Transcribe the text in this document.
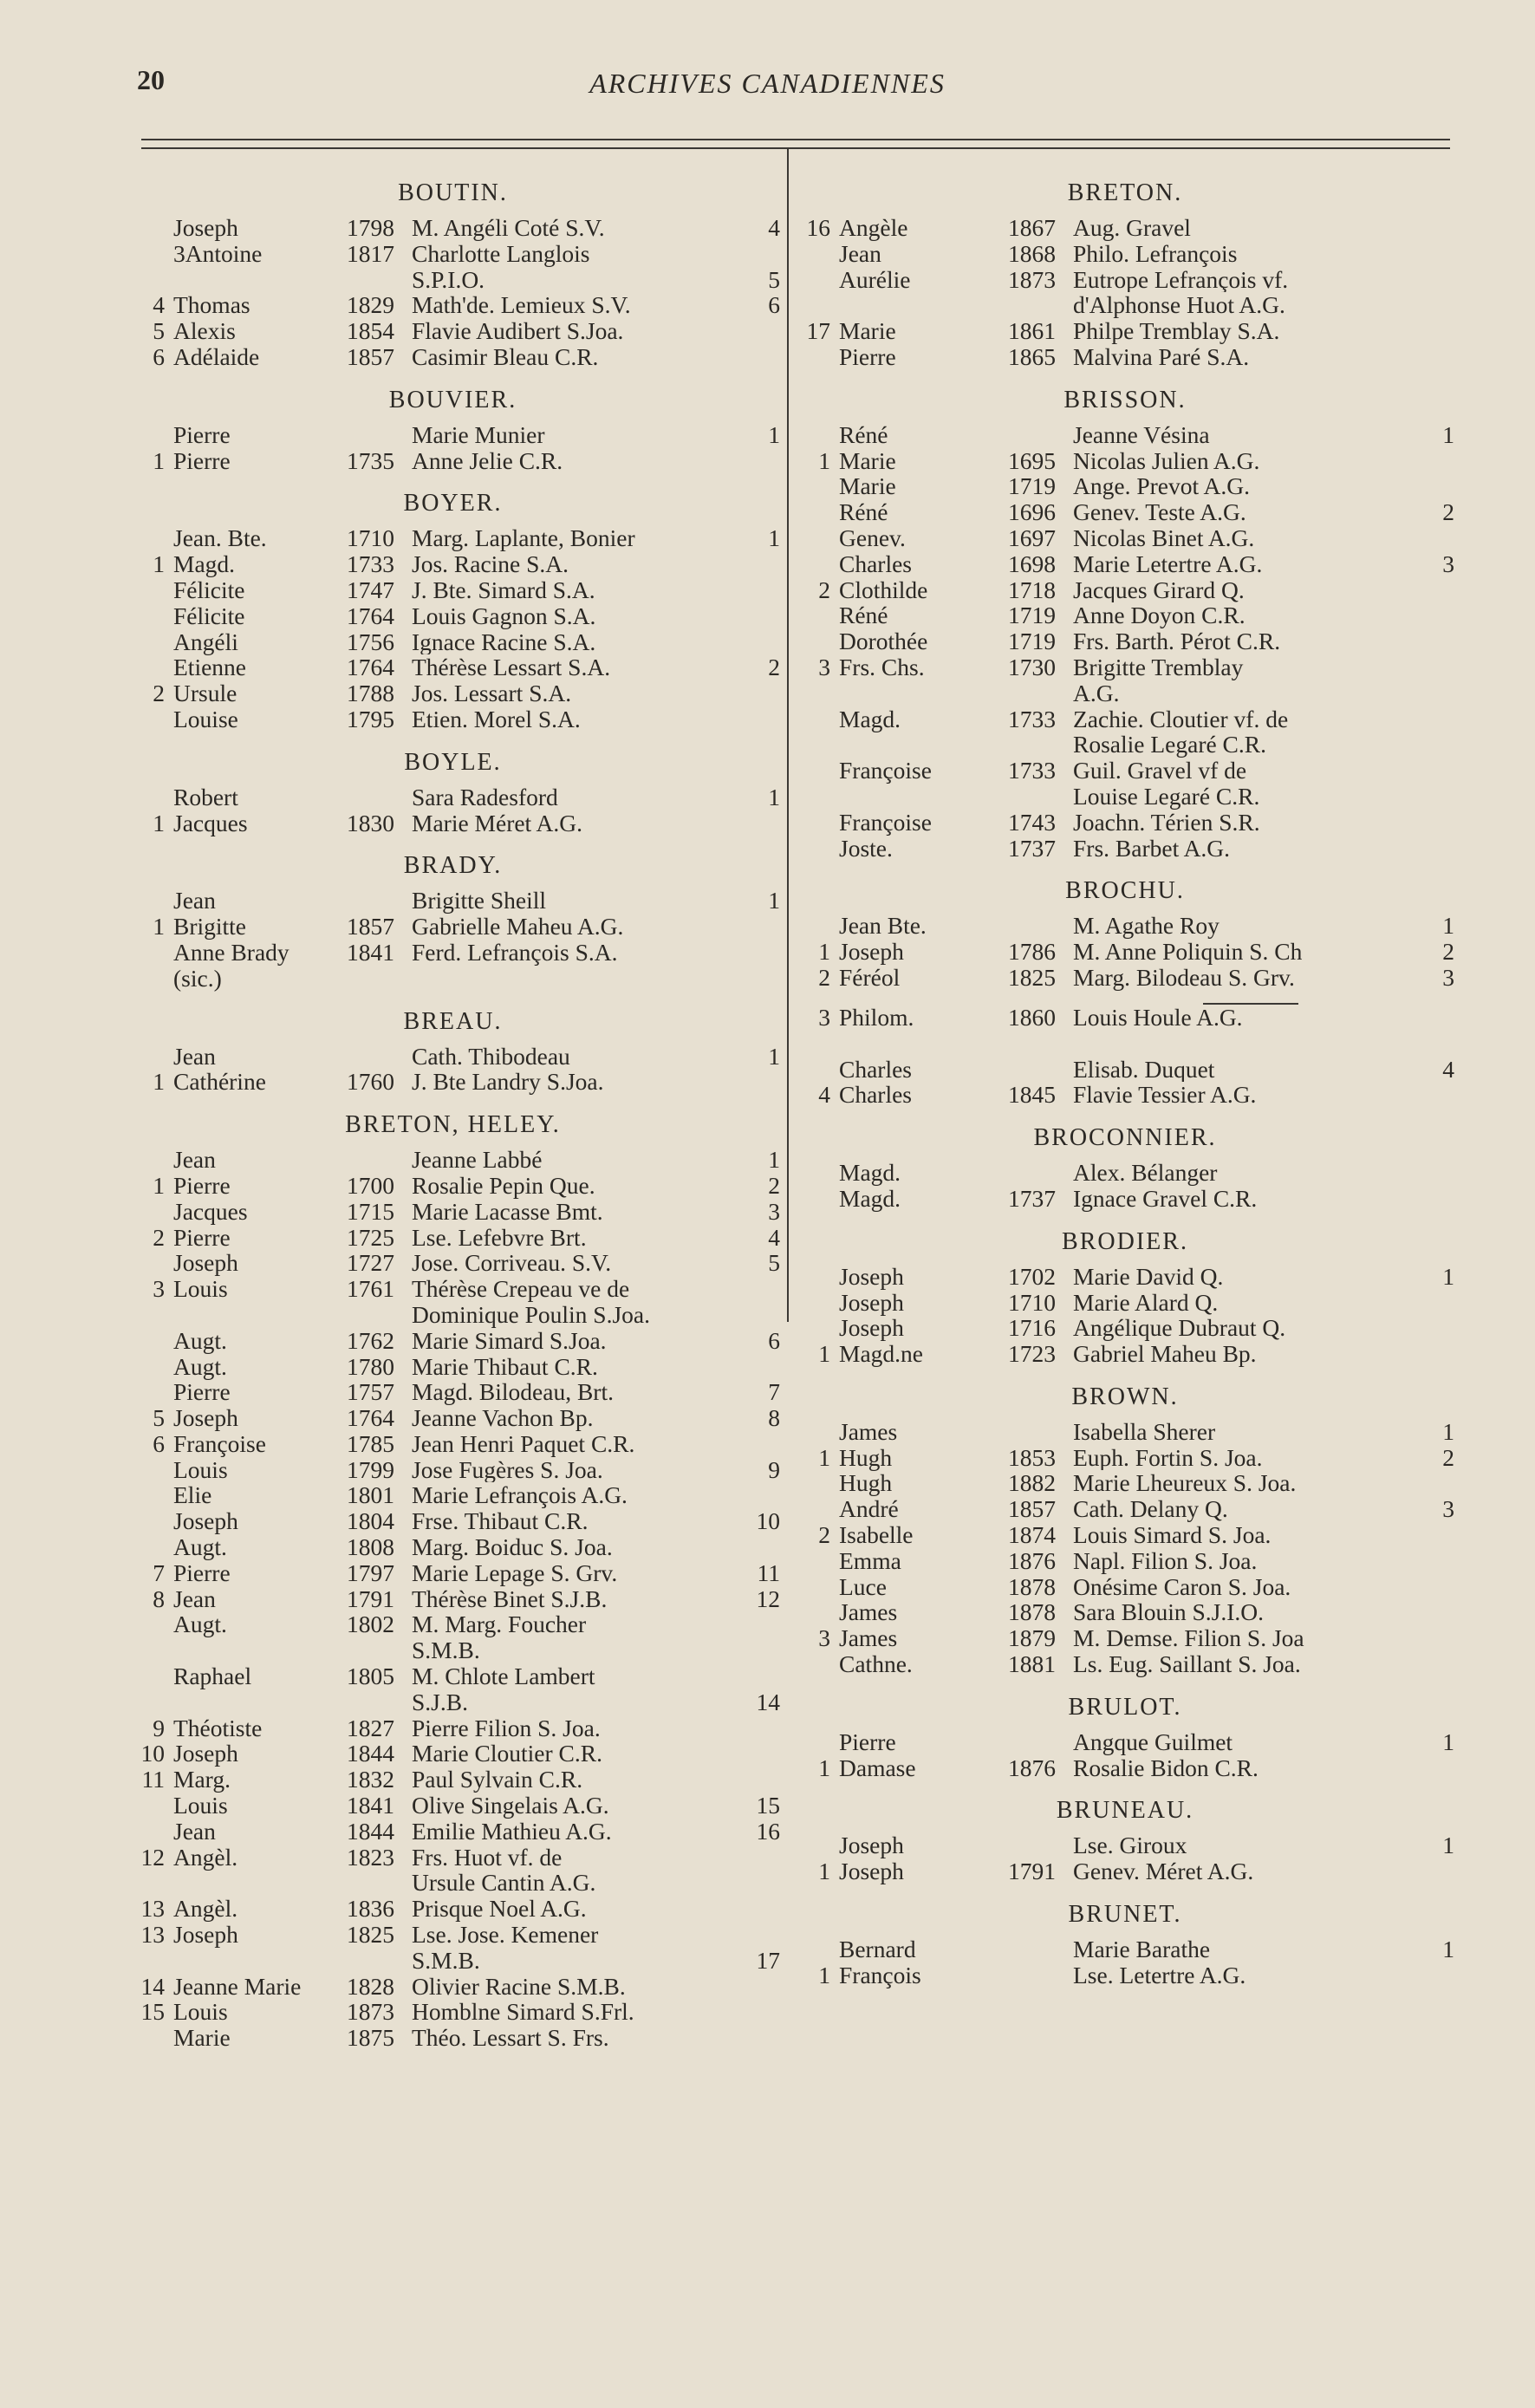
20	ARCHIVES CANADIENNES
BOUTIN.
Joseph	1798 M. Angéli Coté S.V.	4
3Antoine	1817 Charlotte Langlois
S.P.I.O.	5
4 Thomas	1829 Math'de. Lemieux S.V.	6
5 Alexis	1854 Flavie Audibert S.Joa.
6 Adélaide	1857 Casimir Bleau C.R.
BOUVIER.
Pierre	Marie Munier	1
1 Pierre	1735 Anne Jelie C.R.
BOYER.
Jean. Bte.	1710 Marg. Laplante, Bonier	1
1 Magd.	1733 Jos. Racine S.A.
Félicite	1747 J. Bte. Simard S.A.
Félicite	1764 Louis Gagnon S.A.
Angéli	1756 Ignace Racine S.A.
Etienne	1764 Thérèse Lessart S.A.	2
2 Ursule	1788 Jos. Lessart S.A.
Louise	1795 Etien. Morel S.A.
BOYLE.
Robert	Sara Radesford	1
1 Jacques	1830 Marie Méret A.G.
BRADY.
Jean	Brigitte Sheill	1
1 Brigitte	1857 Gabrielle Maheu A.G.
Anne Brady	1841 Ferd. Lefrançois S.A.
(sic.)
BREAU.
Jean	Cath. Thibodeau	1
1 Cathérine	1760 J. Bte Landry S.Joa.
BRETON, HELEY.
Jean	Jeanne Labbé	1
1 Pierre	1700 Rosalie Pepin Que.	2
Jacques	1715 Marie Lacasse Bmt.	3
2 Pierre	1725 Lse. Lefebvre Brt.	4
Joseph	1727 Jose. Corriveau. S.V.	5
3 Louis	1761 Thérèse Crepeau ve de
Dominique Poulin S.Joa.
Augt.	1762 Marie Simard S.Joa.	6
Augt.	1780 Marie Thibaut C.R.
Pierre	1757 Magd. Bilodeau, Brt.	7
5 Joseph	1764 Jeanne Vachon Bp.	8
6 Françoise	1785 Jean Henri Paquet C.R.
Louis	1799 Jose Fugères S. Joa.	9
Elie	1801 Marie Lefrançois A.G.
Joseph	1804 Frse. Thibaut C.R.	10
Augt.	1808 Marg. Boiduc S. Joa.
7 Pierre	1797 Marie Lepage S. Grv.	11
8 Jean	1791 Thérèse Binet S.J.B.	12
Augt.	1802 M. Marg. Foucher
S.M.B.
Raphael	1805 M. Chlote Lambert
S.J.B.	14
9 Théotiste	1827 Pierre Filion S. Joa.
10 Joseph	1844 Marie Cloutier C.R.
11 Marg.	1832 Paul Sylvain C.R.
Louis	1841 Olive Singelais A.G.	15
Jean	1844 Emilie Mathieu A.G.	16
12 Angèl.	1823 Frs. Huot vf. de
Ursule Cantin A.G.
13 Angèl.	1836 Prisque Noel A.G.
13 Joseph	1825 Lse. Jose. Kemener
S.M.B.	17
14 Jeanne Marie	1828 Olivier Racine S.M.B.
15 Louis	1873 Homblne Simard S.Frl.
Marie	1875 Théo. Lessart S. Frs.
BRETON.
16 Angèle	1867 Aug. Gravel
Jean	1868 Philo. Lefrançois
Aurélie	1873 Eutrope Lefrançois vf.
d'Alphonse Huot A.G.
17 Marie	1861 Philpe Tremblay S.A.
Pierre	1865 Malvina Paré S.A.
BRISSON.
Réné	Jeanne Vésina	1
1 Marie	1695 Nicolas Julien A.G.
Marie	1719 Ange. Prevot A.G.
Réné	1696 Genev. Teste A.G.	2
Genev.	1697 Nicolas Binet A.G.
Charles	1698 Marie Letertre A.G.	3
2 Clothilde	1718 Jacques Girard Q.
Réné	1719 Anne Doyon C.R.
Dorothée	1719 Frs. Barth. Pérot C.R.
3 Frs. Chs.	1730 Brigitte Tremblay
A.G.
Magd.	1733 Zachie. Cloutier vf. de
Rosalie Legaré C.R.
Françoise	1733 Guil. Gravel vf de
Louise Legaré C.R.
Françoise	1743 Joachn. Térien S.R.
Joste.	1737 Frs. Barbet A.G.
BROCHU.
Jean Bte.	M. Agathe Roy	1
1 Joseph	1786 M. Anne Poliquin S. Ch	2
2 Féréol	1825 Marg. Bilodeau S. Grv.	3
3 Philom.	1860 Louis Houle A.G.
Charles	Elisab. Duquet	4
4 Charles	1845 Flavie Tessier A.G.
BROCONNIER.
Magd.	Alex. Bélanger
Magd.	1737 Ignace Gravel C.R.
BRODIER.
Joseph	1702 Marie David Q.	1
Joseph	1710 Marie Alard Q.
Joseph	1716 Angélique Dubraut Q.
1 Magd.ne	1723 Gabriel Maheu Bp.
BROWN.
James	Isabella Sherer	1
1 Hugh	1853 Euph. Fortin S. Joa.	2
Hugh	1882 Marie Lheureux S. Joa.
André	1857 Cath. Delany Q.	3
2 Isabelle	1874 Louis Simard S. Joa.
Emma	1876 Napl. Filion S. Joa.
Luce	1878 Onésime Caron S. Joa.
James	1878 Sara Blouin S.J.I.O.
3 James	1879 M. Demse. Filion S. Joa
Cathne.	1881 Ls. Eug. Saillant S. Joa.
BRULOT.
Pierre	Angque Guilmet	1
1 Damase	1876 Rosalie Bidon C.R.
BRUNEAU.
Joseph	Lse. Giroux	1
1 Joseph	1791 Genev. Méret A.G.
BRUNET.
Bernard	Marie Barathe	1
1 François	Lse. Letertre A.G.
